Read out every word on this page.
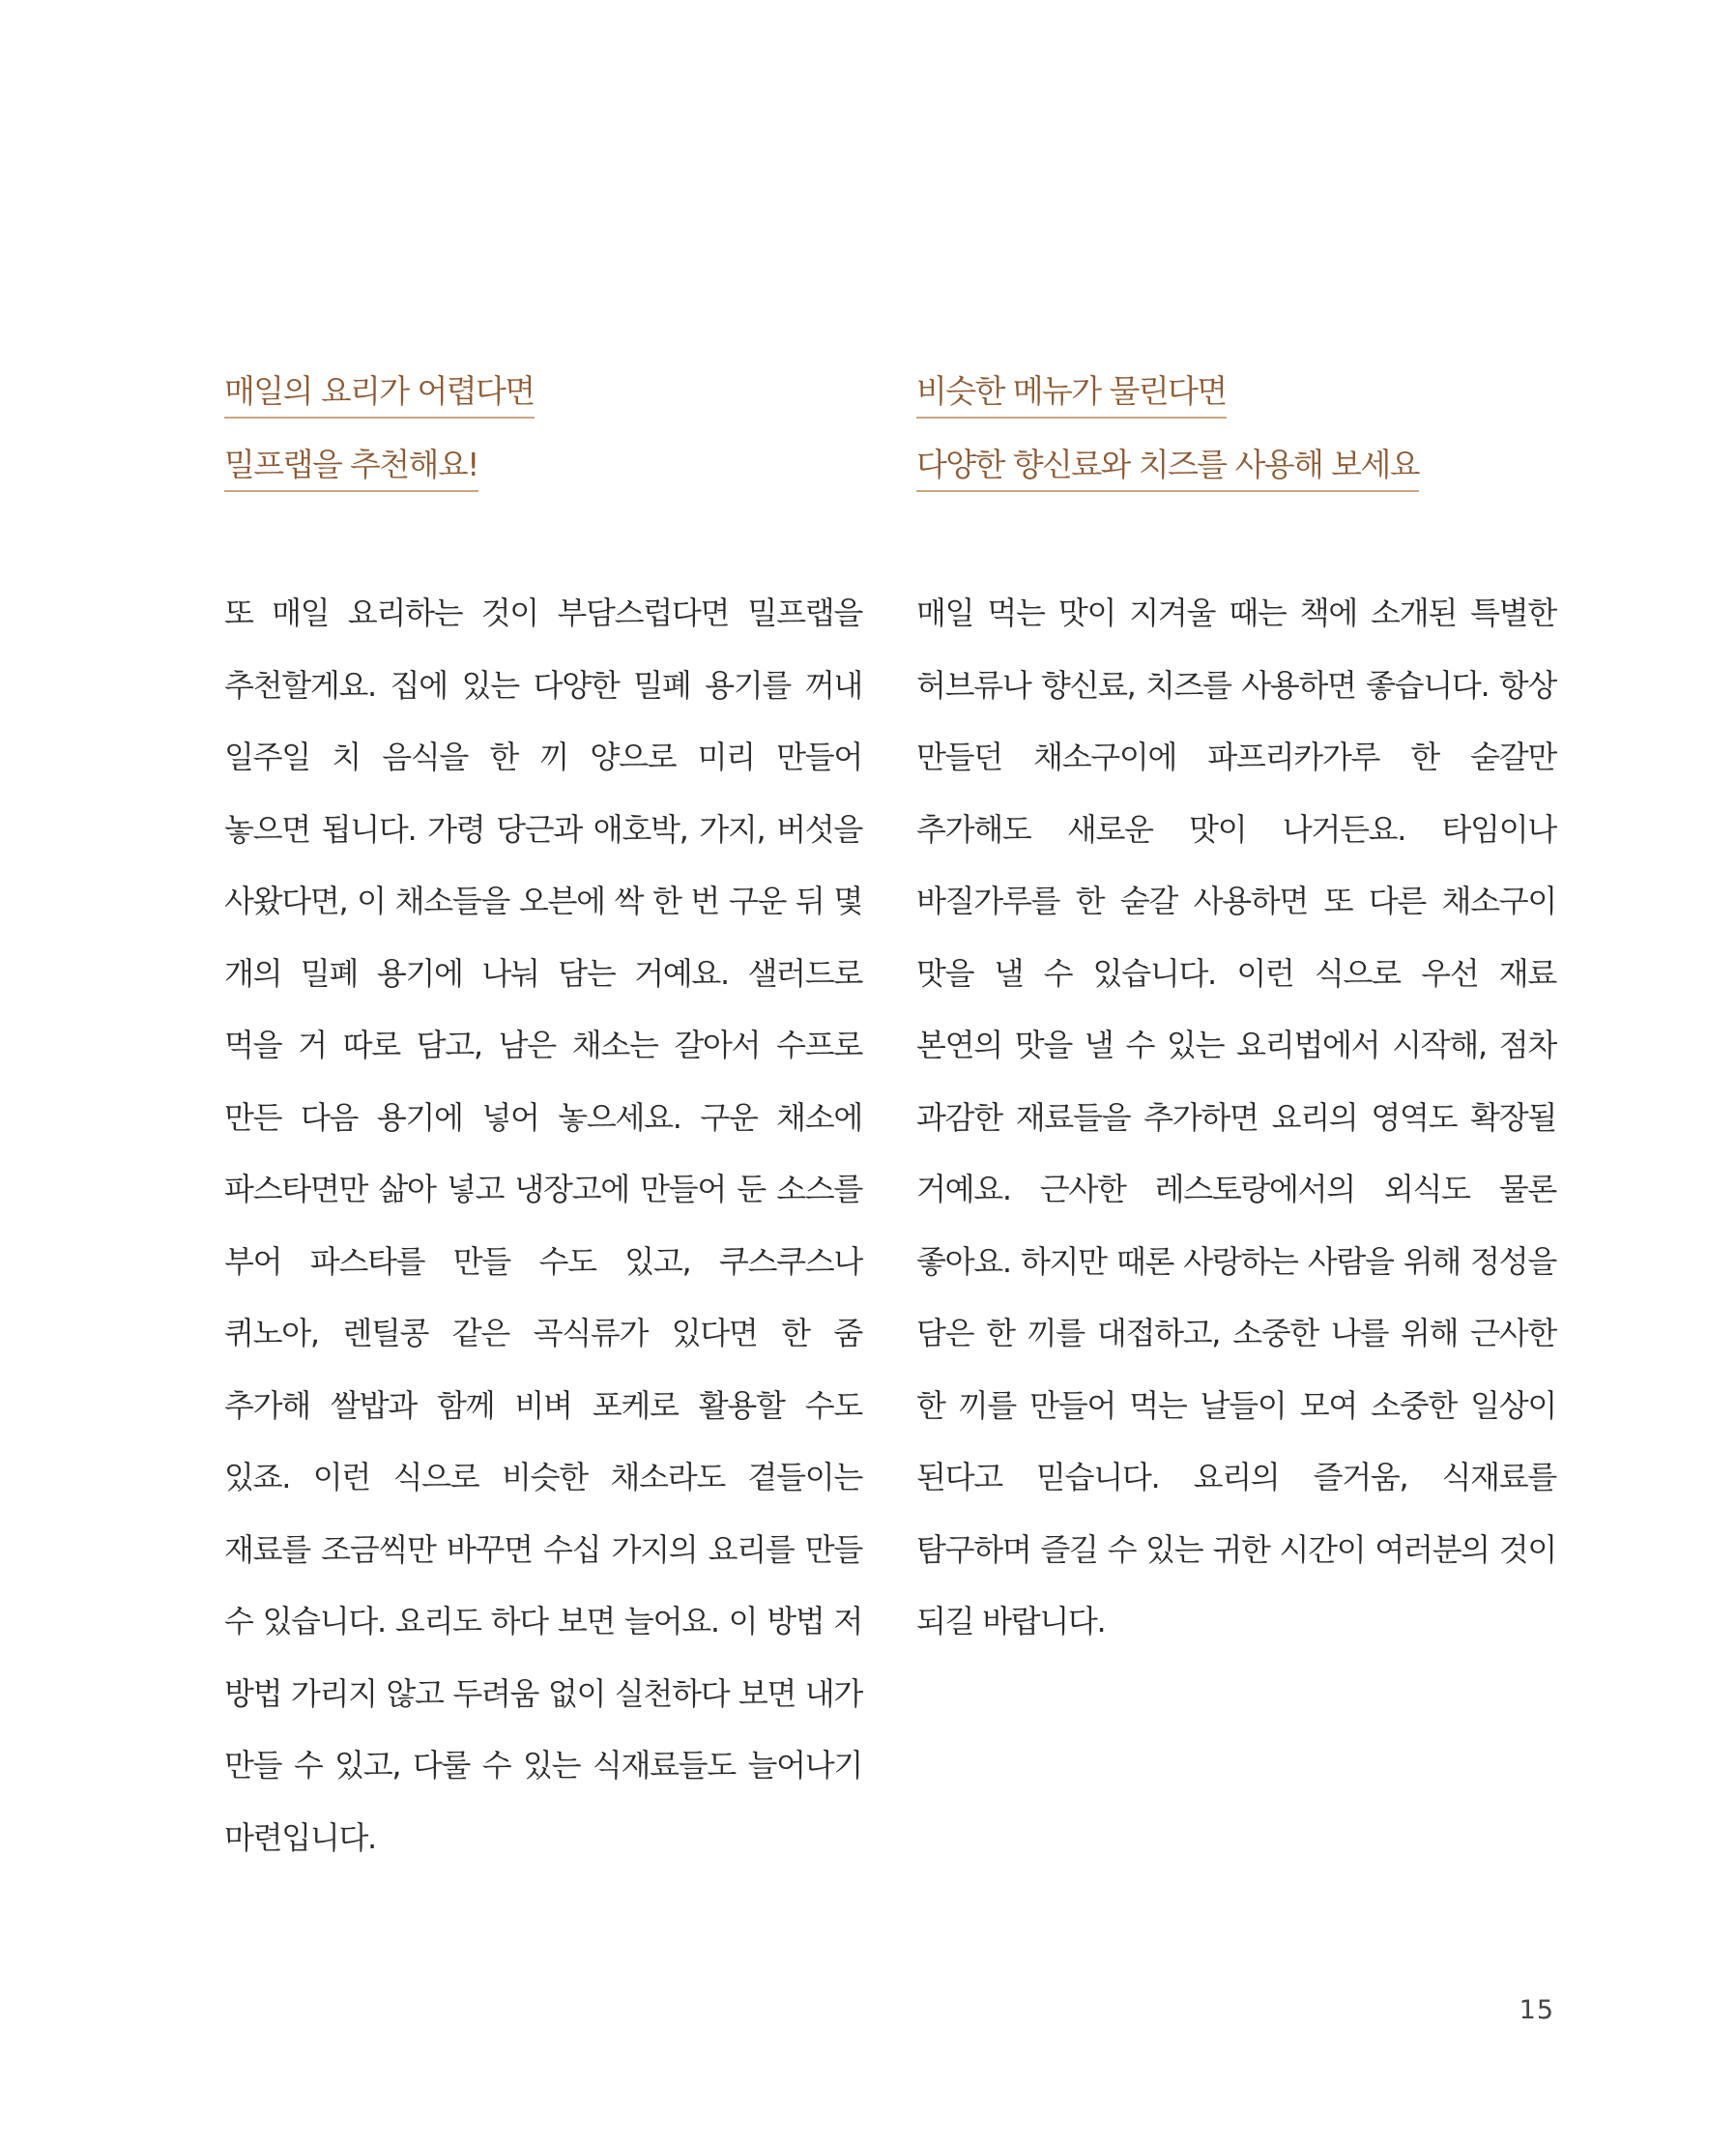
매일의 요리가 어렵다면
밀프랩을 추천해요!

또 매일 요리하는 것이 부담스럽다면 밀프랩을 추천할게요. 집에 있는 다양한 밀폐 용기를 꺼내 일주일 치 음식을 한 끼 양으로 미리 만들어 놓으면 됩니다. 가령 당근과 애호박, 가지, 버섯을 사왔다면, 이 채소들을 오븐에 싹 한 번 구운 뒤 몇 개의 밀폐 용기에 나눠 담는 거예요. 샐러드로 먹을 거 따로 담고, 남은 채소는 갈아서 수프로 만든 다음 용기에 넣어 놓으세요. 구운 채소에 파스타면만 삶아 넣고 냉장고에 만들어 둔 소스를 부어 파스타를 만들 수도 있고, 쿠스쿠스나 퀴노아, 렌틸콩 같은 곡식류가 있다면 한 줌 추가해 쌀밥과 함께 비벼 포케로 활용할 수도 있죠. 이런 식으로 비슷한 채소라도 곁들이는 재료를 조금씩만 바꾸면 수십 가지의 요리를 만들 수 있습니다. 요리도 하다 보면 늘어요. 이 방법 저 방법 가리지 않고 두려움 없이 실천하다 보면 내가 만들 수 있고, 다룰 수 있는 식재료들도 늘어나기 마련입니다.

비슷한 메뉴가 물린다면
다양한 향신료와 치즈를 사용해 보세요

매일 먹는 맛이 지겨울 때는 책에 소개된 특별한 허브류나 향신료, 치즈를 사용하면 좋습니다. 항상 만들던 채소구이에 파프리카가루 한 숟갈만 추가해도 새로운 맛이 나거든요. 타임이나 바질가루를 한 숟갈 사용하면 또 다른 채소구이 맛을 낼 수 있습니다. 이런 식으로 우선 재료 본연의 맛을 낼 수 있는 요리법에서 시작해, 점차 과감한 재료들을 추가하면 요리의 영역도 확장될 거예요. 근사한 레스토랑에서의 외식도 물론 좋아요. 하지만 때론 사랑하는 사람을 위해 정성을 담은 한 끼를 대접하고, 소중한 나를 위해 근사한 한 끼를 만들어 먹는 날들이 모여 소중한 일상이 된다고 믿습니다. 요리의 즐거움, 식재료를 탐구하며 즐길 수 있는 귀한 시간이 여러분의 것이 되길 바랍니다.

15
